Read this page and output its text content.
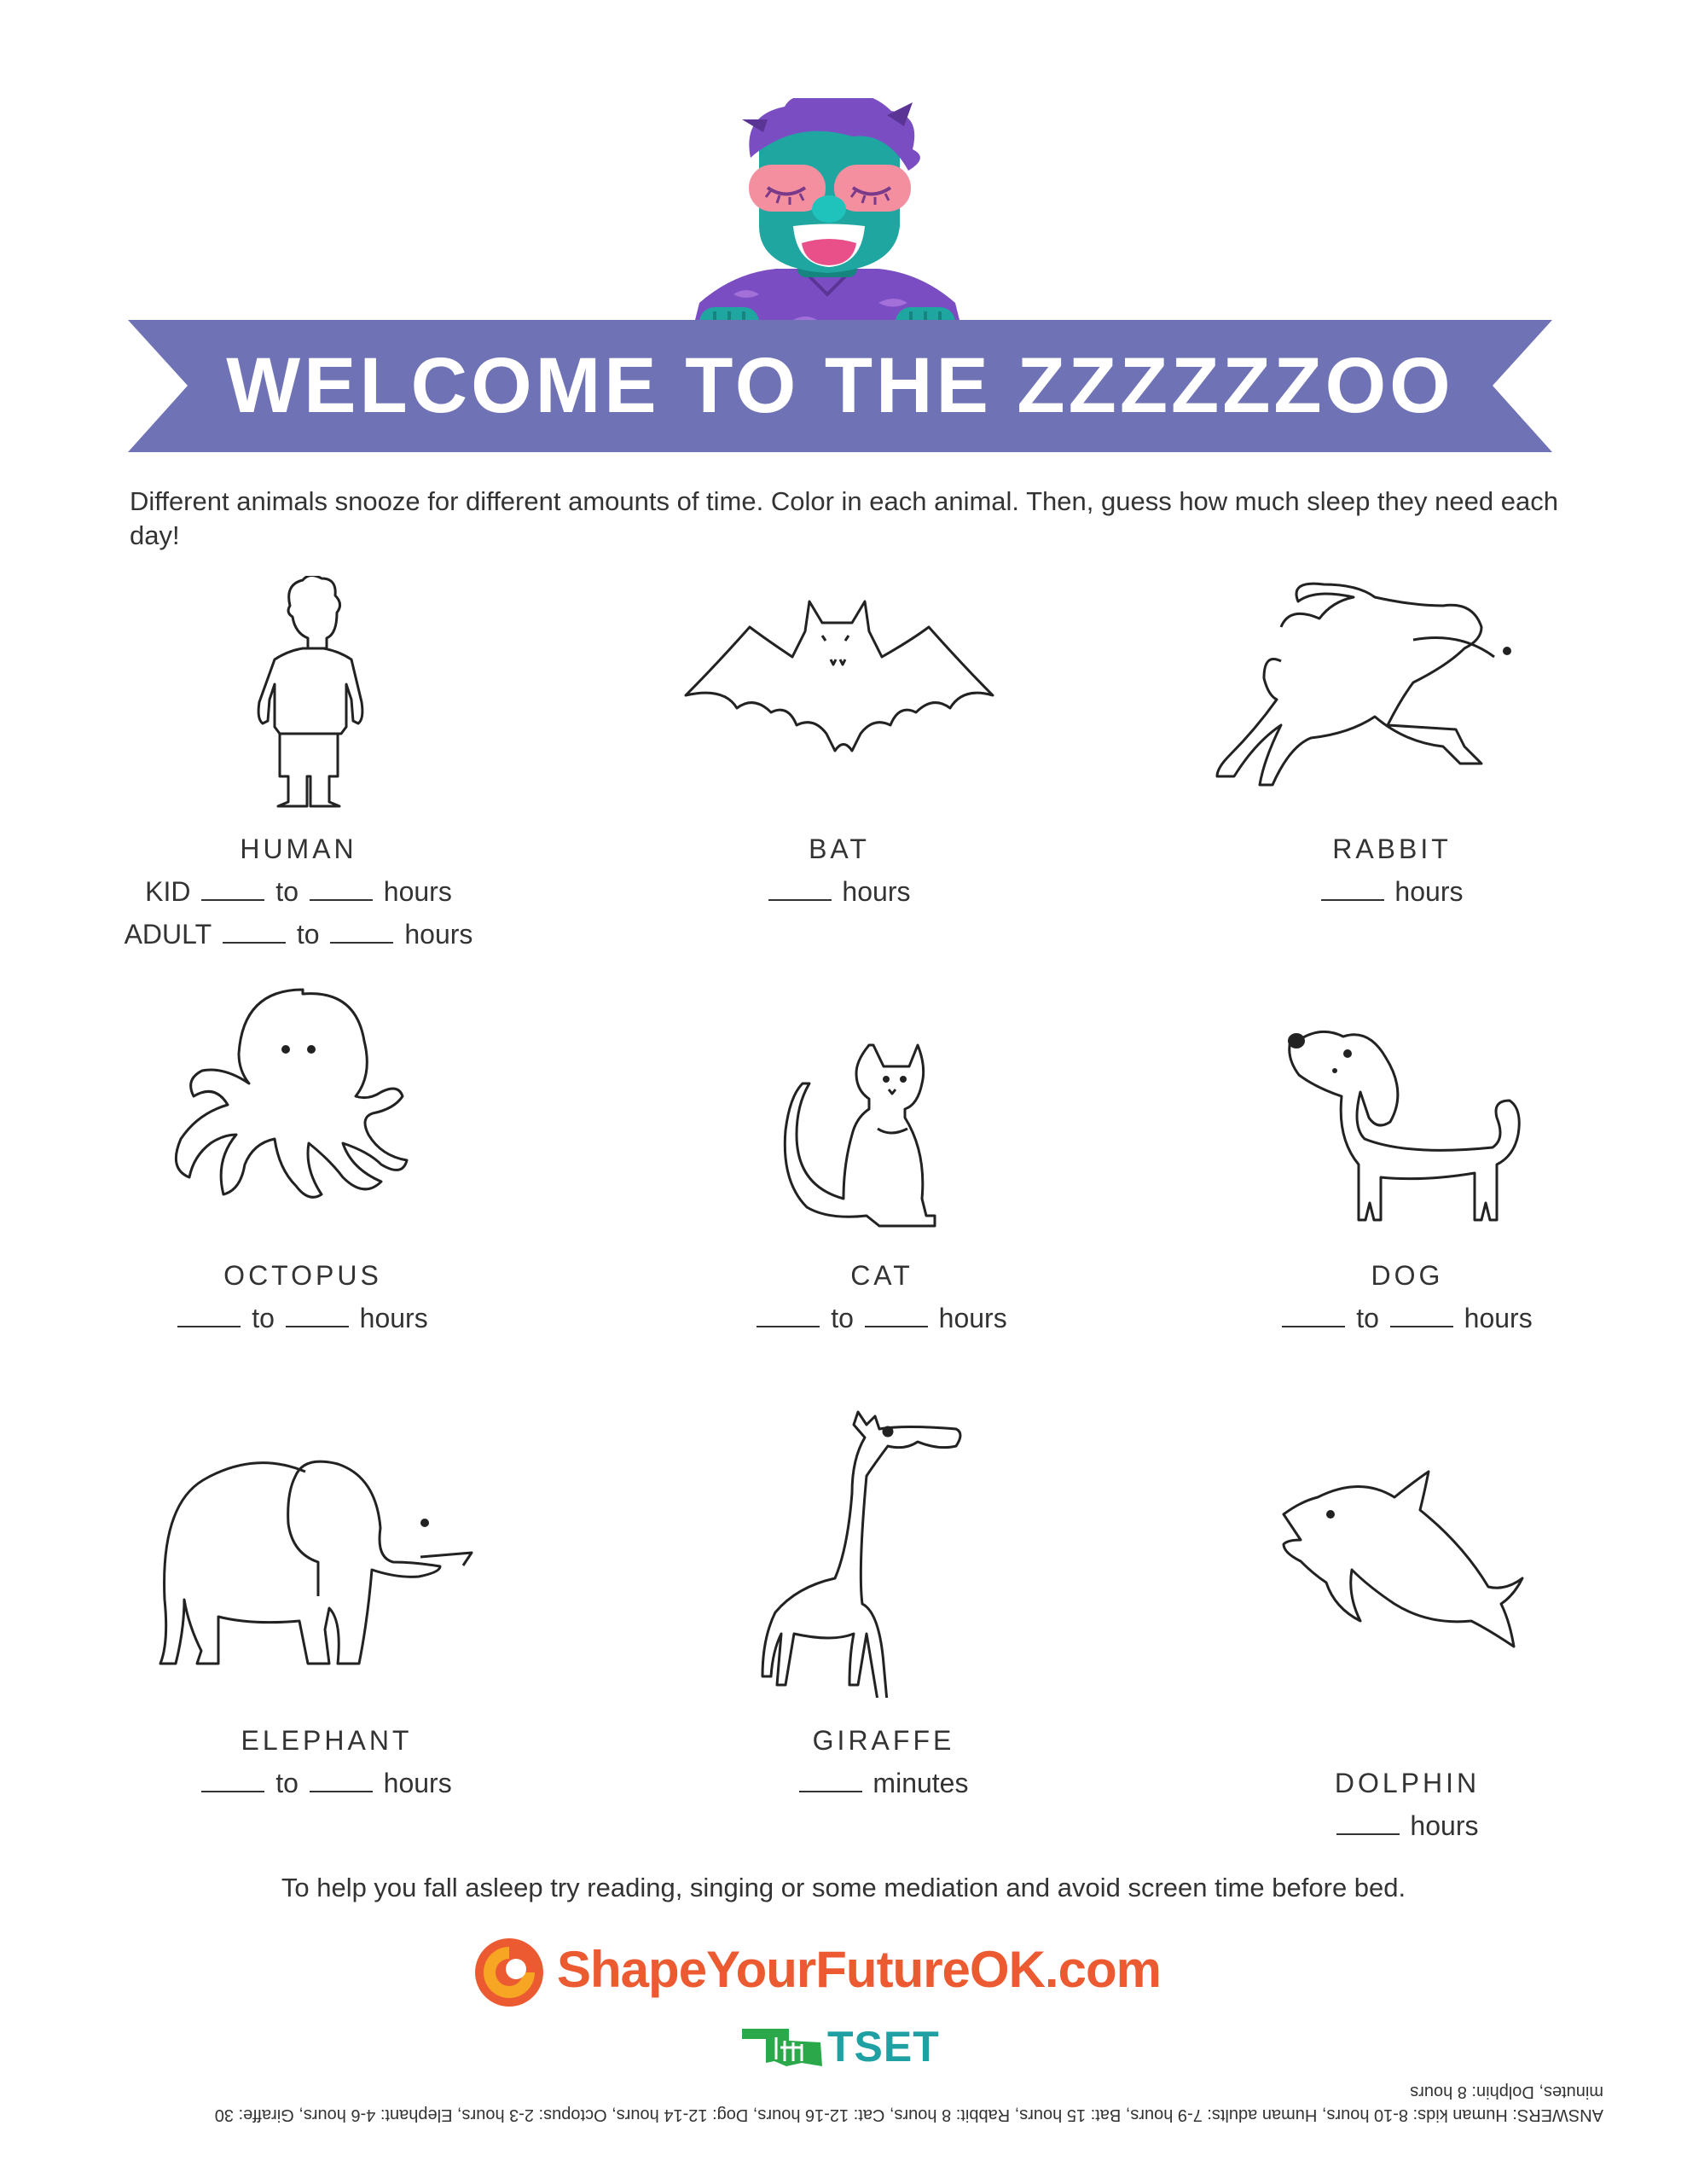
WELCOME TO THE ZZZZZZOO
Different animals snooze for different amounts of time. Color in each animal. Then, guess how much sleep they need each day!
HUMAN
KID	to	hours
ADULT	to	hours
BAT
hours
RABBIT
hours
OCTOPUS
to	hours
CAT
to	hours
DOG
to	hours
ELEPHANT
to	hours
GIRAFFE
minutes	DOLPHIN
hours
To help you fall asleep try reading, singing or some mediation and avoid screen time before bed.
ShapeYourFutureOK.com
TSET
ANSWERS: Human kids: 8-10 hours, Human adults: 7-9 hours, Bat: 15 hours, Rabbit: 8 hours, Cat: 12-16 hours, Dog: 12-14 hours, Octopus: 2-3 hours, Elephant: 4-6 hours, Giraffe: 30 minutes, Dolphin: 8 hours
